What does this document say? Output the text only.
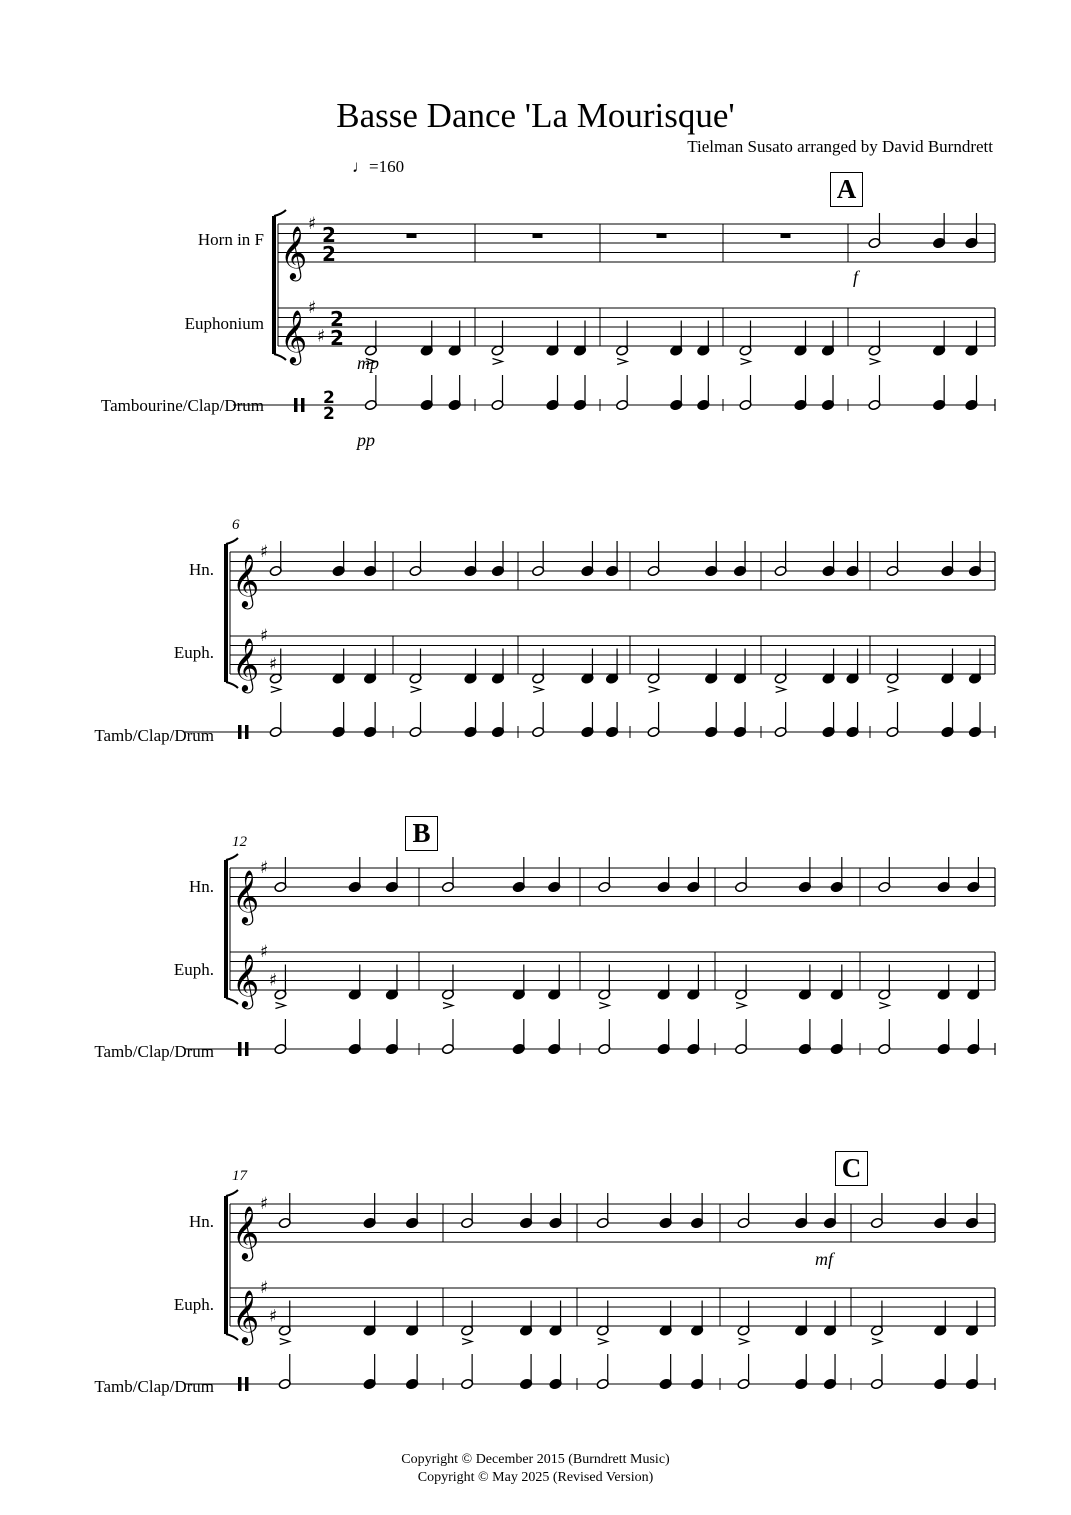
Basse Dance 'La Mourisque'
Tielman Susato arranged by David Burndrett
𝄞
♯
𝄞
♯
♯
2
2
2
2
2
2
𝄞
♯
𝄞
♯
♯
𝄞
♯
𝄞
♯
♯
𝄞
♯
𝄞
♯
♯
♩=160
Horn in F
Euphonium
Tambourine/Clap/Drum
Hn.
Euph.
Tamb/Clap/Drum
Hn.
Euph.
Tamb/Clap/Drum
Hn.
Euph.
Tamb/Clap/Drum
6
12
17
A
B
C
mp
pp
f
mf
Copyright © December 2015 (Burndrett Music)
Copyright © May 2025 (Revised Version)
